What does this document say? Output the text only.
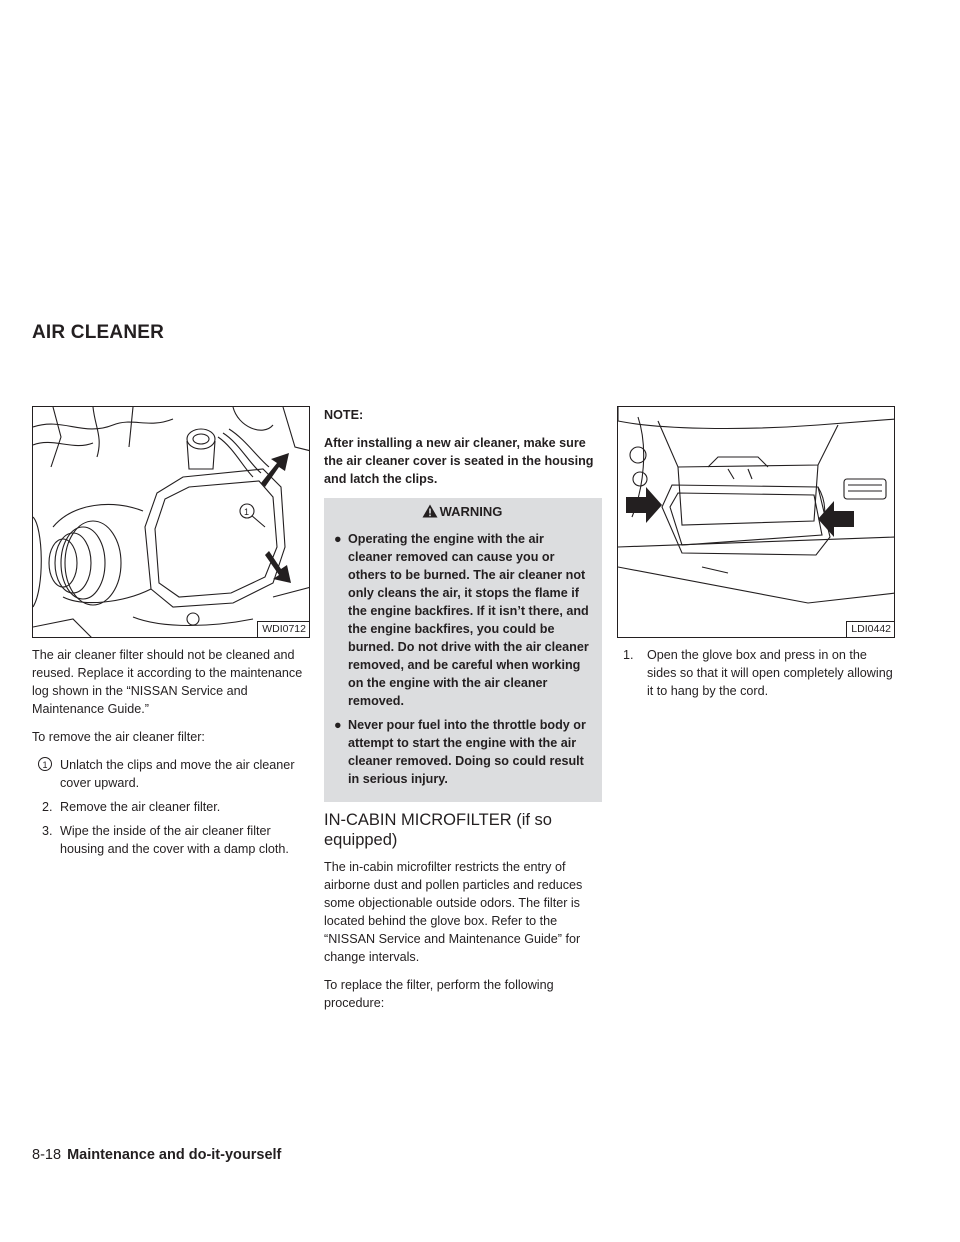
AIR CLEANER
1
WDI0712

The air cleaner filter should not be cleaned and reused. Replace it according to the maintenance log shown in the “NISSAN Service and Maintenance Guide.”

To remove the air cleaner filter:

1 Unlatch the clips and move the air cleaner cover upward.
2. Remove the air cleaner filter.
3. Wipe the inside of the air cleaner filter housing and the cover with a damp cloth.

NOTE:

After installing a new air cleaner, make sure the air cleaner cover is seated in the housing and latch the clips.

WARNING
● Operating the engine with the air cleaner removed can cause you or others to be burned. The air cleaner not only cleans the air, it stops the flame if the engine backfires. If it isn’t there, and the engine backfires, you could be burned. Do not drive with the air cleaner removed, and be careful when working on the engine with the air cleaner removed.
● Never pour fuel into the throttle body or attempt to start the engine with the air cleaner removed. Doing so could result in serious injury.
IN-CABIN MICROFILTER (if so equipped)

The in-cabin microfilter restricts the entry of airborne dust and pollen particles and reduces some objectionable outside odors. The filter is located behind the glove box. Refer to the “NISSAN Service and Maintenance Guide” for change intervals.

To replace the filter, perform the following procedure:

LDI0442
1. Open the glove box and press in on the sides so that it will open completely allowing it to hang by the cord.
8-18 Maintenance and do-it-yourself
